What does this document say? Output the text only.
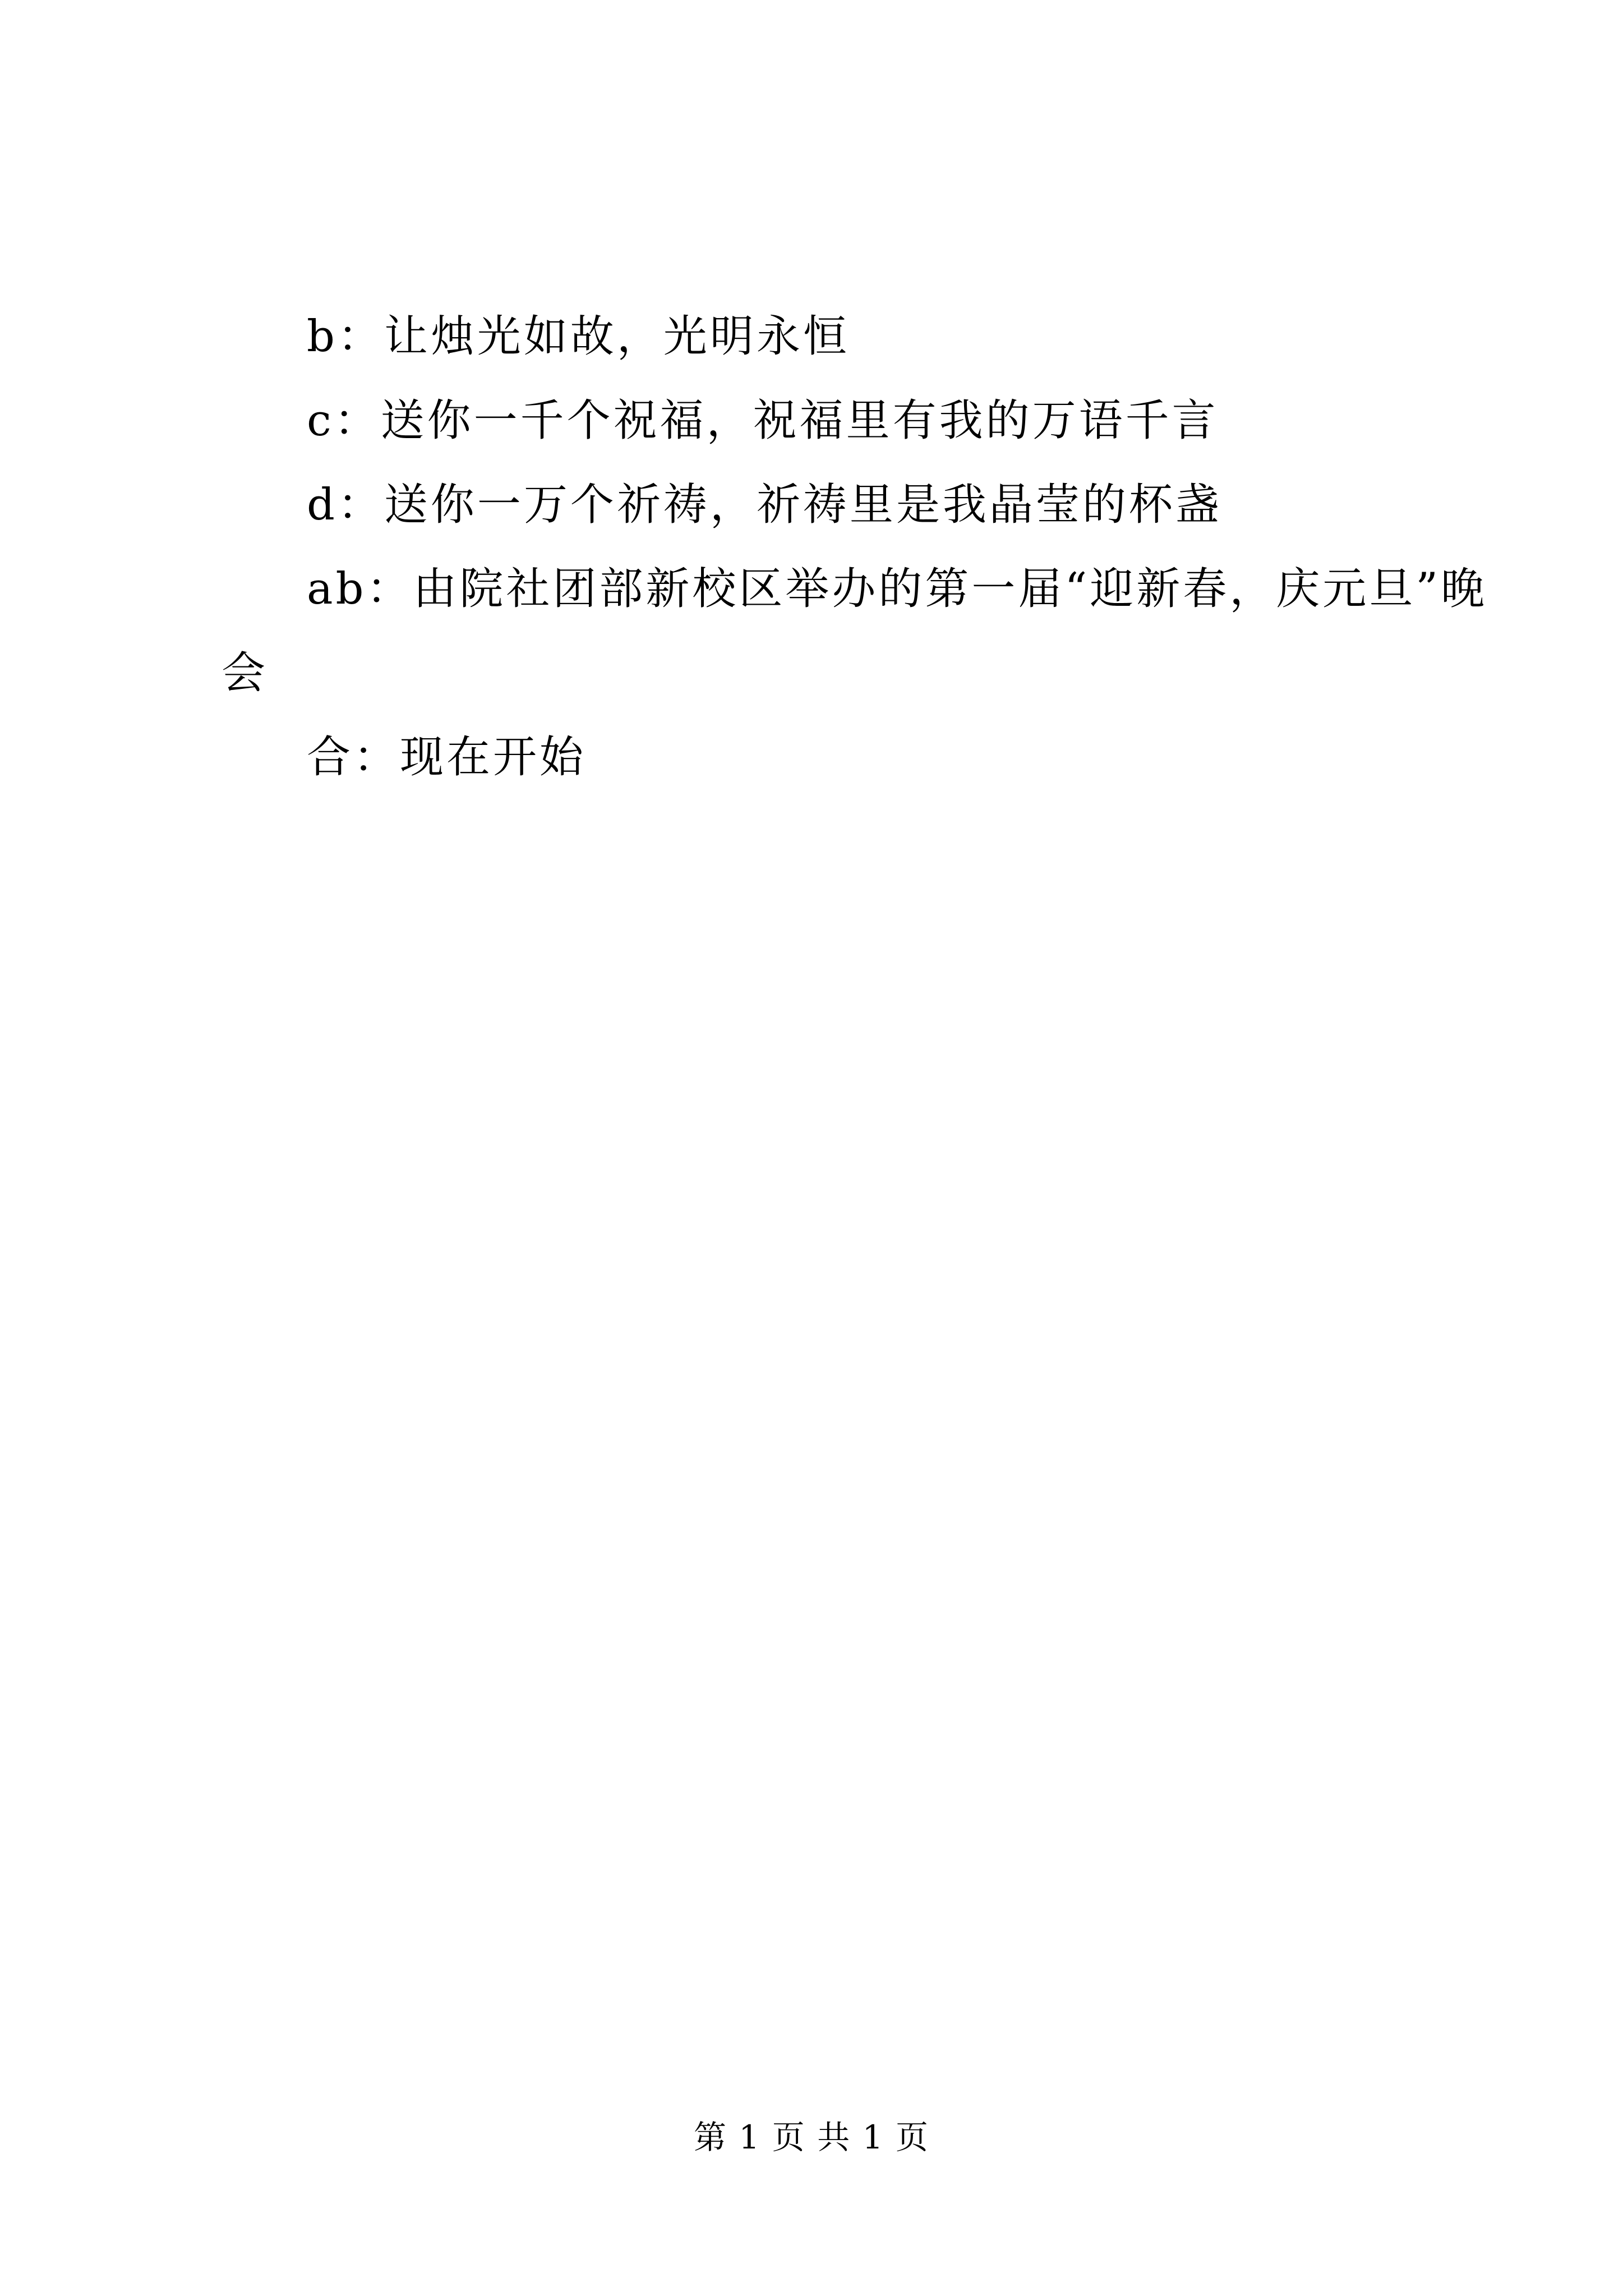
b：让烛光如故，光明永恒
c：送你一千个祝福，祝福里有我的万语千言
d：送你一万个祈祷，祈祷里是我晶莹的杯盏
ab：由院社团部新校区举办的第一届“迎新春，庆元旦”晚
会
合：现在开始
第 1 页 共 1 页
